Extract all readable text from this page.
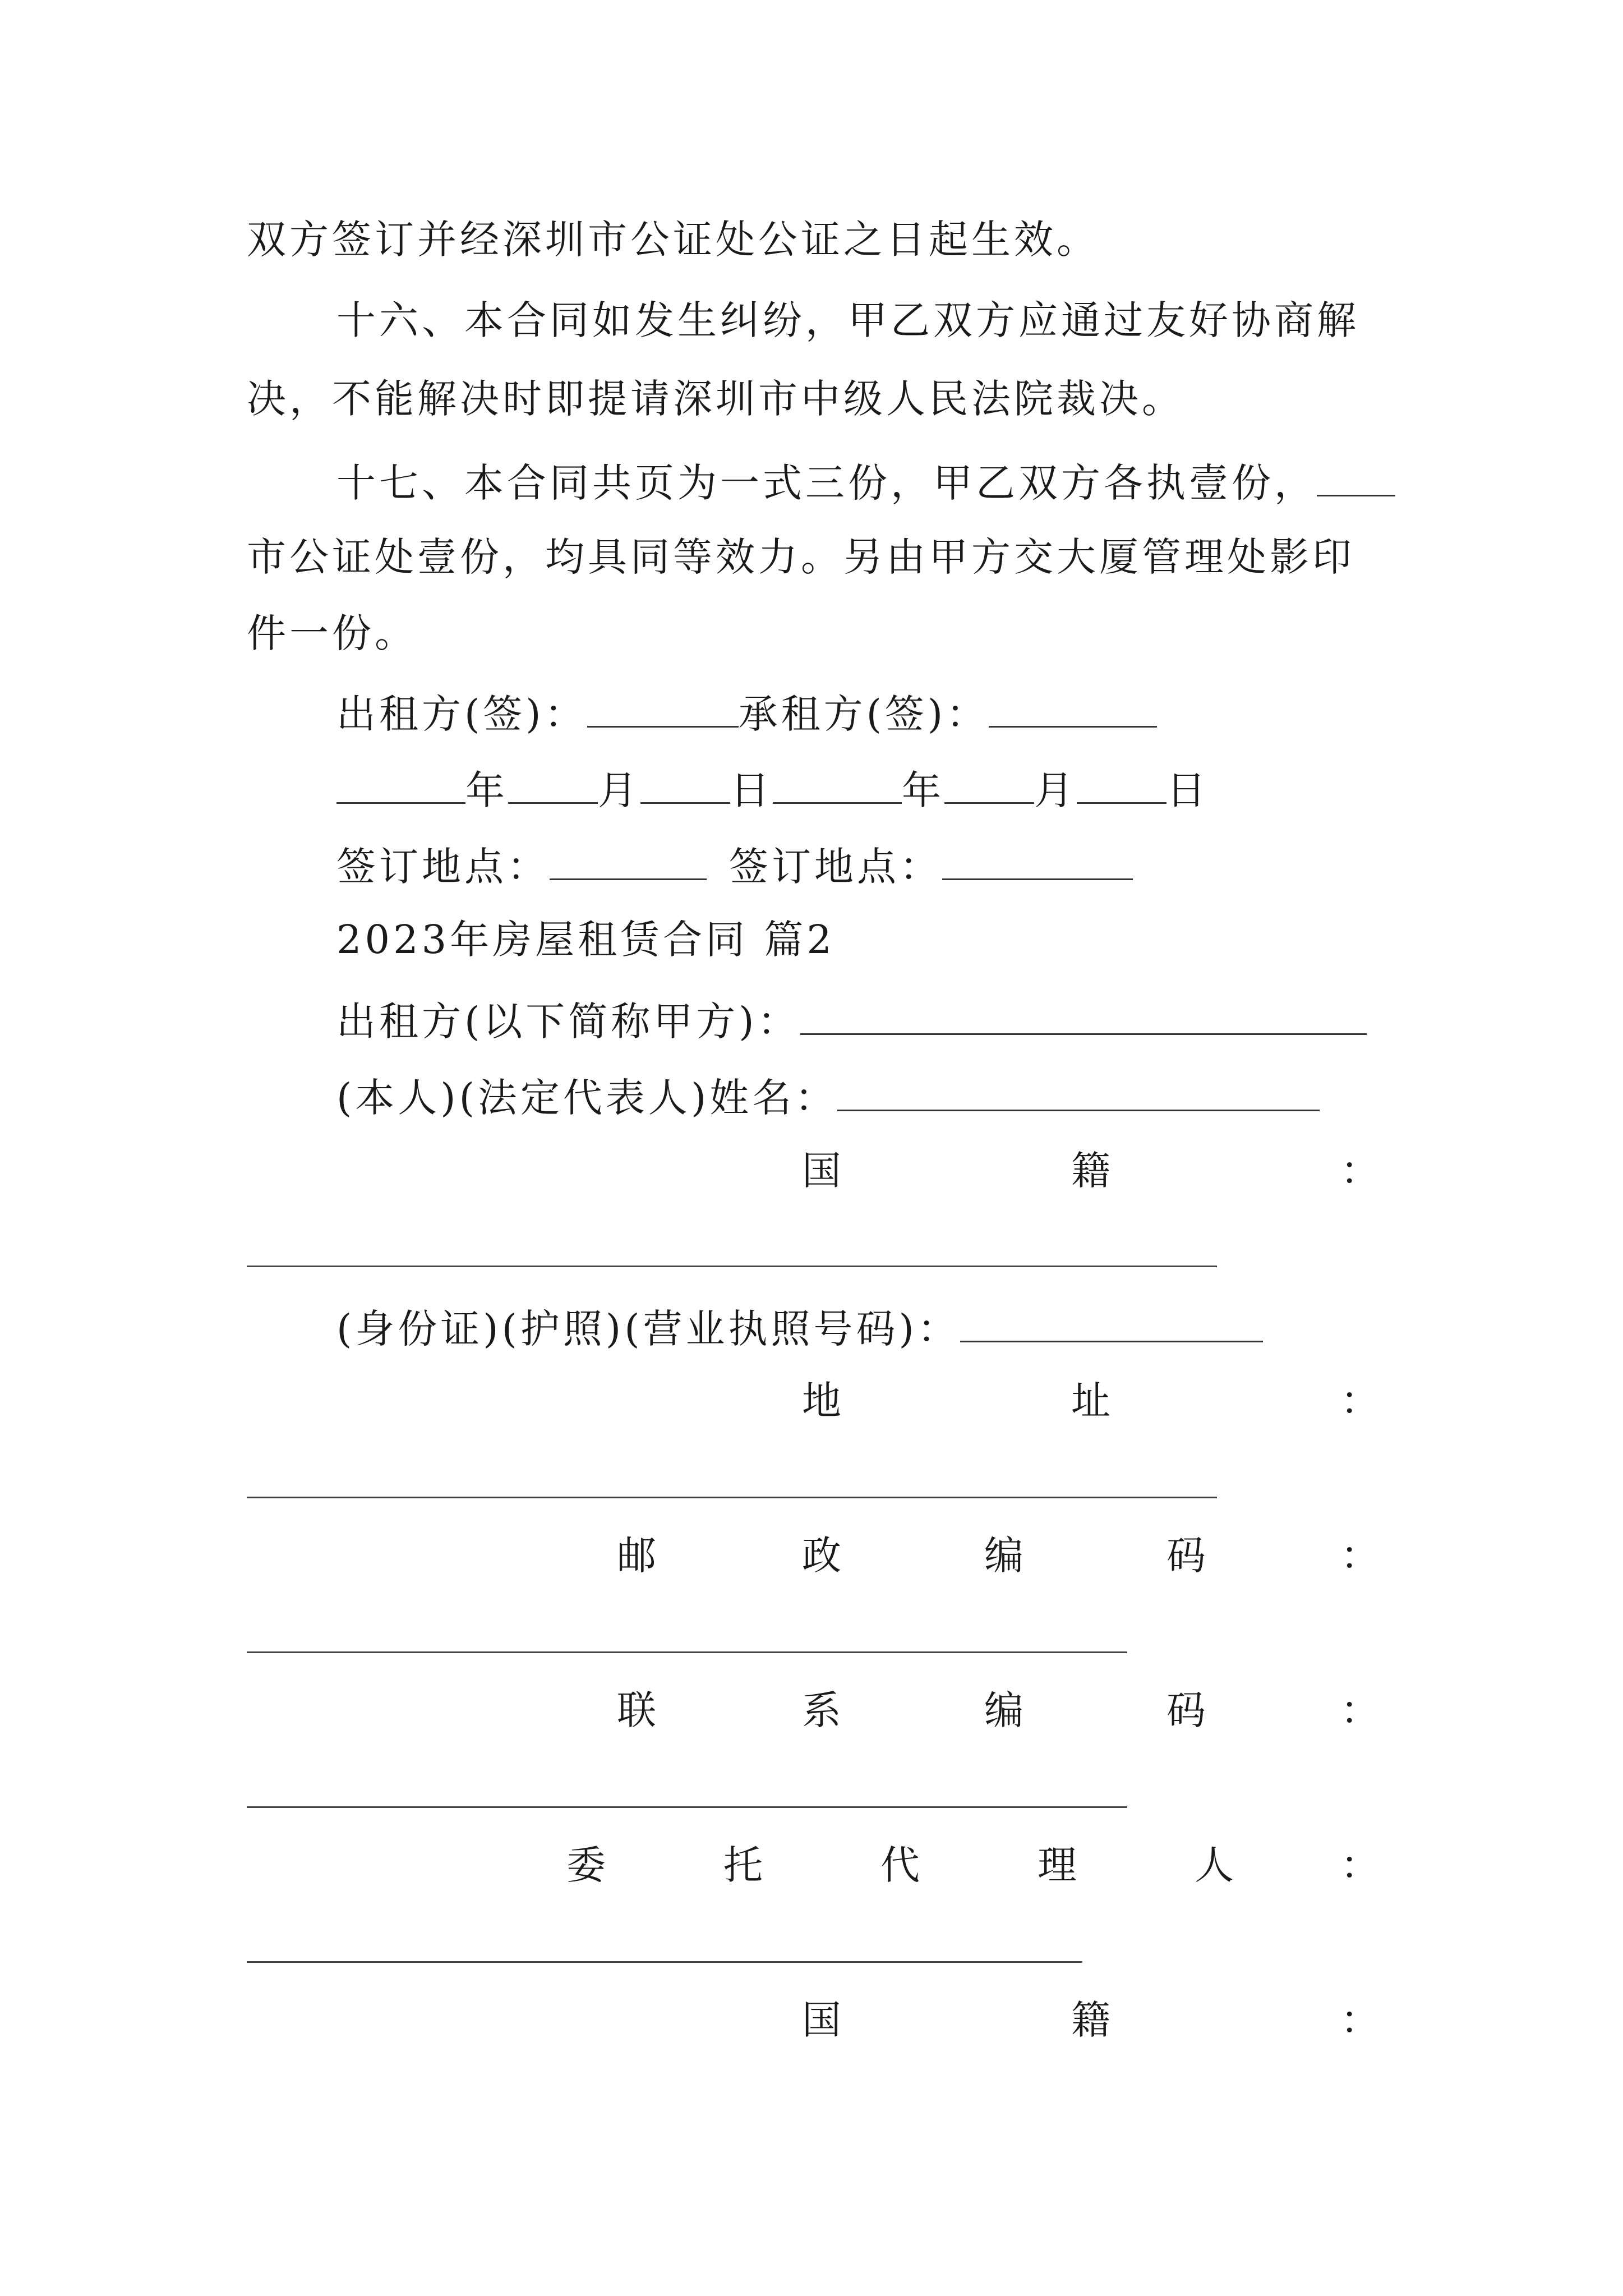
双方签订并经深圳市公证处公证之日起生效。
十六、本合同如发生纠纷，甲乙双方应通过友好协商解
决，不能解决时即提请深圳市中级人民法院裁决。
十七、本合同共页为一式三份，甲乙双方各执壹份，
市公证处壹份，均具同等效力。另由甲方交大厦管理处影印
件一份。
出租方(签)：	承租方(签)：
年 月 日	年 月 日
签订地点：	签订地点：
2023年房屋租赁合同 篇2
出租方(以下简称甲方)：
(本人)(法定代表人)姓名：
国	籍	：
(身份证)(护照)(营业执照号码)：
地	址	：
邮	政	编	码	：
联	系	编	码	：
委	托	代	理	人	：
国	籍	：
